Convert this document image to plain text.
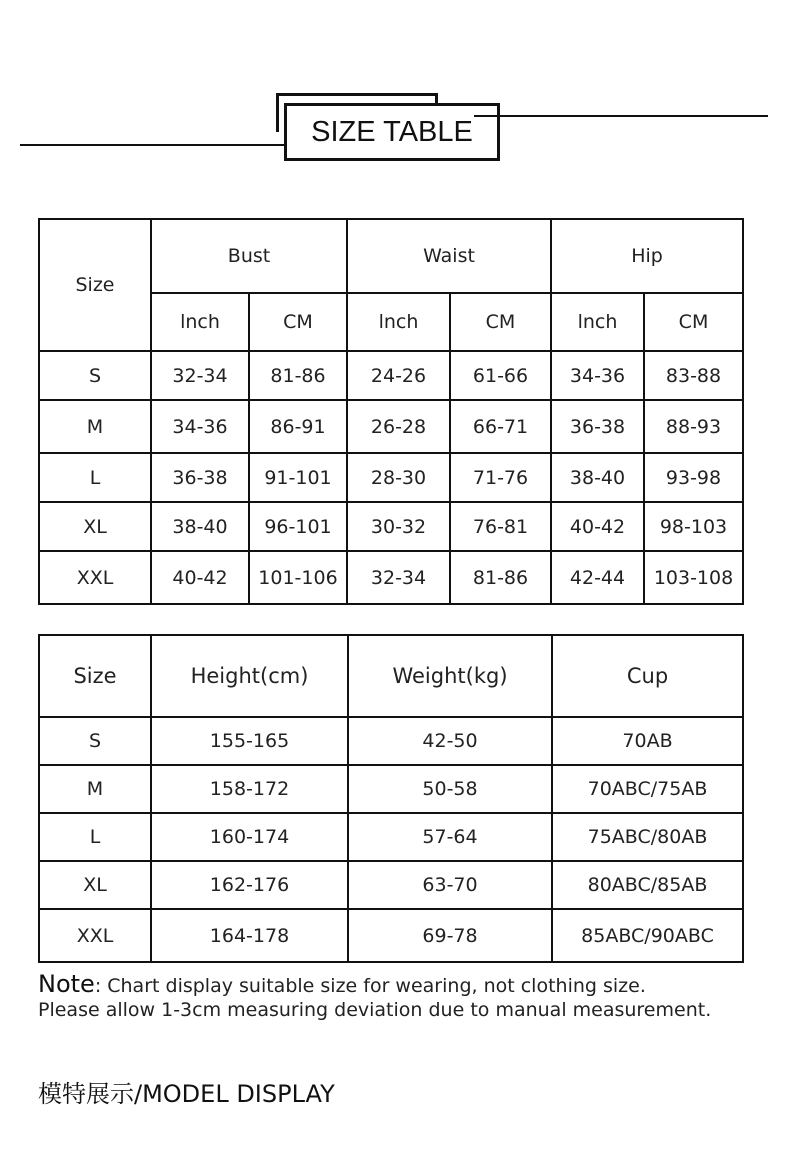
SIZE TABLE
Size	Bust		Waist		Hip	
	lnch	CM	lnch	CM	lnch	CM
S	32-34	81-86	24-26	61-66	34-36	83-88
M	34-36	86-91	26-28	66-71	36-38	88-93
L	36-38	91-101	28-30	71-76	38-40	93-98
XL	38-40	96-101	30-32	76-81	40-42	98-103
XXL	40-42	101-106	32-34	81-86	42-44	103-108
Size	Height(cm)	Weight(kg)	Cup
S	155-165	42-50	70AB
M	158-172	50-58	70ABC/75AB
L	160-174	57-64	75ABC/80AB
XL	162-176	63-70	80ABC/85AB
XXL	164-178	69-78	85ABC/90ABC
Note: Chart display suitable size for wearing, not clothing size.
Please allow 1-3cm measuring deviation due to manual measurement.
模特展示/MODEL DISPLAY
